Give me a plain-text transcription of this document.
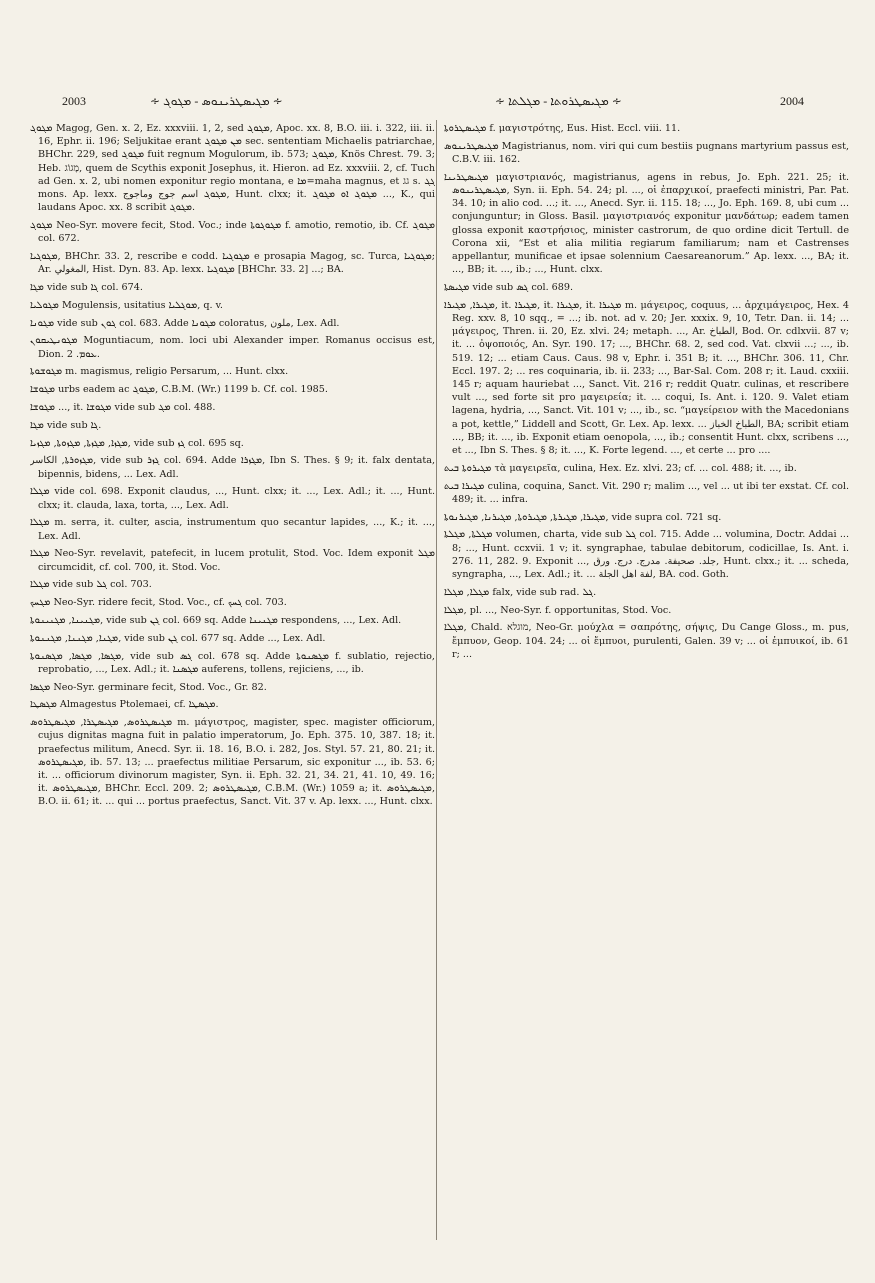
2003	∻ ܡܓܝܣܛܪܝܢܘܣ - ܡܓܘܓ ∻	∻ ܡܓܝܣܛܪܘܬܐ - ܡܓܠܬܐ ∻	2004

ܡܓܘܓ Magog, Gen. x. 2, Ez. xxxviii. 1, 2, sed ܡܓܘܓ, Apoc. xx. 8, B.O. iii. i. 322, iii. ii. 16, Ephr. ii. 196; Seljukitae erant ܡܢ ܡܓܘܓ sec. sententiam Michaelis patriarchae, BHChr. 229, sed ܡܓܘܓ fuit regnum Mogulorum, ib. 573; ܡܓܘܓ, Knös Chrest. 79. 3; Heb. מָגוֹג, quem de Scythis exponit Josephus, it. Hieron. ad Ez. xxxviii. 2, cf. Tuch ad Gen. x. 2, ubi nomen exponitur regio montana, e ܡܐ=maha magnus, et גג s. ܓܓ mons. Ap. lexx. ܡܓܘܓ اسم جوج وماجوج, Hunt. clxx; it. ܡܓܘܓ ܐܘ ܡܓܘܓ ..., K., qui laudans Apoc. xx. 8 scribit ܡܓܘܓ.

ܡܓܘܓ Neo-Syr. movere fecit, Stod. Voc.; inde ܡܓܘܓܘܬܐ f. amotio, remotio, ib. Cf. ܡܓܘܓ col. 672.

ܡܓܘܓܝܐ, BHChr. 33. 2, rescribe e codd. ܡܓܘܓܝܐ e prosapia Magog, sc. Turca, ܡܓܘܓܝܐ; Ar. المغولي, Hist. Dyn. 83. Ap. lexx. ܡܓܘܓܝܐ [BHChr. 33. 2] ...; BA.

ܡܓܐ vide sub ܓܐ col. 674.

ܡܓܘܠܝܐ Mogulensis, usitatius ܡܘܓܠܝܐ, q. v.

ܡܓܘܢܐ vide sub ܓܘܢ col. 683. Adde ܡܓܘܢܐ coloratus, ملون, Lex. Adl.

ܡܓܘܢܛܝܩܘܢ Moguntiacum, nom. loci ubi Alexander imper. Romanus occisus est, Dion. ܥܘܡ. 2.

ܡܓܘܫܘܬܐ m. magismus, religio Persarum, ... Hunt. clxx.

ܡܓܘܫܐ urbs eadem ac ܡܓܘܓ, C.B.M. (Wr.) 1199 b. Cf. col. 1985.

ܡܓܘܫܐ ..., it. ܡܓܘܫܐ vide sub ܡܓ col. 488.

ܡܓܐ vide sub ܓܐ.

ܡܓܙܐ, ܡܓܙܬܐ, ܡܓܙܘܬܐ, ܡܓܙܝܐ, vide sub ܓܙ col. 695 sq.

ܡܓܙܘܪܬܐ, الكاسر, vide sub ܓܙܪ col. 694. Adde ܡܓܙܪܐ, Ibn S. Thes. § 9; it. falx dentata, bipennis, bidens, ... Lex. Adl.

ܡܓܠܐ vide col. 698. Exponit claudus, ..., Hunt. clxx; it. ..., Lex. Adl.; it. ..., Hunt. clxx; it. clauda, laxa, torta, ..., Lex. Adl.

ܡܓܠܐ m. serra, it. culter, ascia, instrumentum quo secantur lapides, ..., K.; it. ..., Lex. Adl.

ܡܓܠܐ Neo-Syr. revelavit, patefecit, in lucem protulit, Stod. Voc. Idem exponit ܡܓܠ circumcidit, cf. col. 700, it. Stod. Voc.

ܡܓܠܐ vide sub ܓܠ col. 703.

ܡܓܚܟ Neo-Syr. ridere fecit, Stod. Voc., cf. ܓܚܟ col. 703.

ܡܓܢܝܢܐ, ܡܓܢܝܢܘܬܐ, vide sub ܓܢ col. 669 sq. Adde ܡܓܢܝܢܐ respondens, ..., Lex. Adl.

ܡܓܢܐ, ܡܓܢܢܐ, ܡܓܢܢܘܬܐ, vide sub ܓܢ col. 677 sq. Adde ..., Lex. Adl.

ܡܓܣܐ, ܡܓܣܐ, ܡܓܣܢܘܬܐ, vide sub ܓܣ col. 678 sq. Adde ܡܓܣܢܘܬܐ f. sublatio, rejectio, reprobatio, ..., Lex. Adl.; it. ܡܓܣܢܐ auferens, tollens, rejiciens, ..., ib.

ܡܓܣܐ Neo-Syr. germinare fecit, Stod. Voc., Gr. 82.

ܡܓܣܛܐ Almagestus Ptolemaei, cf. ܡܓܣܛܐ.

ܡܓܝܣܛܪܘܣ, ܡܓܝܣܛܪܐ, ܡܓܝܣܛܪܘܣ m. μάγιστρος, magister, spec. magister officiorum, cujus dignitas magna fuit in palatio imperatorum, Jo. Eph. 375. 10, 387. 18; it. praefectus militum, Anecd. Syr. ii. 18. 16, B.O. i. 282, Jos. Styl. 57. 21, 80. 21; it. ܡܓܝܣܛܪܘܣ, ib. 57. 13; ... praefectus militiae Persarum, sic exponitur ..., ib. 53. 6; it. ... officiorum divinorum magister, Syn. ii. Eph. 32. 21, 34. 21, 41. 10, 49. 16; it. ܡܓܝܣܛܪܘܣ, BHChr. Eccl. 209. 2; ܡܓܝܣܛܪܘܣ, C.B.M. (Wr.) 1059 a; it. ܡܓܝܣܛܪܘܣ, B.O. ii. 61; it. ... qui ... portus praefectus, Sanct. Vit. 37 v. Ap. lexx. ..., Hunt. clxx.

ܡܓܝܣܛܪܘܬܐ f. μαγιστρότης, Eus. Hist. Eccl. viii. 11.

ܡܓܝܣܛܪܝܢܘܣ Magistrianus, nom. viri qui cum bestiis pugnans martyrium passus est, C.B.V. iii. 162.

ܡܓܝܣܛܪܝܢܐ μαγιστριανός, magistrianus, agens in rebus, Jo. Eph. 221. 25; it. ܡܓܝܣܛܪܝܢܘܣ, Syn. ii. Eph. 54. 24; pl. ..., οἱ ἐπαρχικοί, praefecti ministri, Par. Pat. 34. 10; in alio cod. ...; it. ..., Anecd. Syr. ii. 115. 18; ..., Jo. Eph. 169. 8, ubi cum ... conjunguntur; in Gloss. Basil. μαγιστριανός exponitur μανδάτωρ; eadem tamen glossa exponit καστρήσιος, minister castrorum, de quo ordine dicit Tertull. de Corona xii, “Est et alia militia regiarum familiarum; nam et Castrenses appellantur, munificae et ipsae solennium Caesareanorum.” Ap. lexx. ..., BA; it. ..., BB; it. ..., ib.; ..., Hunt. clxx.

ܡܓܝܣܬܐ vide sub ܓܣ col. 689.

ܡܓܝܪܐ, ܡܓܝܪܐ, it. ܡܓܝܪܐ, it. ܡܓܝܪܐ, it. ܡܓܝܪܐ m. μάγειρος, coquus, ... ἀρχιμάγειρος, Hex. 4 Reg. xxv. 8, 10 sqq., = ...; ib. not. ad v. 20; Jer. xxxix. 9, 10, Tetr. Dan. ii. 14; ... μάγειρος, Thren. ii. 20, Ez. xlvi. 24; metaph. ..., Ar. الطباخ, Bod. Or. cdlxvii. 87 v; it. ... ὀψοποιός, An. Syr. 190. 17; ..., BHChr. 68. 2, sed cod. Vat. clxvii ...; ..., ib. 519. 12; ... etiam Caus. Caus. 98 v, Ephr. i. 351 B; it. ..., BHChr. 306. 11, Chr. Eccl. 197. 2; ... res coquinaria, ib. ii. 233; ..., Bar-Sal. Com. 208 r; it. Laud. cxxiii. 145 r; aquam hauriebat ..., Sanct. Vit. 216 r; reddit Quatr. culinas, et rescribere vult ..., sed forte sit pro μαγειρεία; it. ... coqui, Is. Ant. i. 120. 9. Valet etiam lagena, hydria, ..., Sanct. Vit. 101 v; ..., ib., sc. “μαγείρειον with the Macedonians a pot, kettle,” Liddell and Scott, Gr. Lex. Ap. lexx. ... الطباخ الخباز, BA; scribit etiam ..., BB; it. ..., ib. Exponit etiam oenopola, ..., ib.; consentit Hunt. clxx, scribens ..., et ..., Ibn S. Thes. § 8; it. ..., K. Forte legend. ..., et certe ... pro ....

ܡܓܝܪܘܬܐ ܒܝܬ τὰ μαγειρεῖα, culina, Hex. Ez. xlvi. 23; cf. ... col. 488; it. ..., ib.

ܡܓܝܪܐ ܒܝܬ culina, coquina, Sanct. Vit. 290 r; malim ..., vel ... ut ibi ter exstat. Cf. col. 489; it. ... infra.

ܡܓܝܪܐ, ܡܓܝܪܬܐ, ܡܓܝܪܘܬܐ, ܡܓܝܪܢܐ, ܡܓܝܪܢܘܬܐ, vide supra col. 721 sq.

ܡܓܠܬܐ, ܡܓܠܬܐ volumen, charta, vide sub ܓܠ col. 715. Adde ... volumina, Doctr. Addai ... 8; ..., Hunt. ccxvii. 1 v; it. syngraphae, tabulae debitorum, codicillae, Is. Ant. i. 276. 11, 282. 9. Exponit ..., جلد. صحيفة. مدرج. درج. ورق, Hunt. clxx.; it. ... scheda, syngrapha, ..., Lex. Adl.; it. ... لفة اهل الجلة, BA. cod. Goth.

ܡܓܠܐ, ܡܓܠܐ falx, vide sub rad. ܓܠ.

ܡܓܠܐ, pl. ..., Neo-Syr. f. opportunitas, Stod. Voc.

ܡܓܠܐ, Chald. מוגלא, Neo-Gr. μούχλα = σαπρότης, σήψις, Du Cange Gloss., m. pus, ἔμπυον, Geop. 104. 24; ... οἱ ἔμπυοι, purulenti, Galen. 39 v; ... οἱ ἐμπυικοί, ib. 61 r; ...
